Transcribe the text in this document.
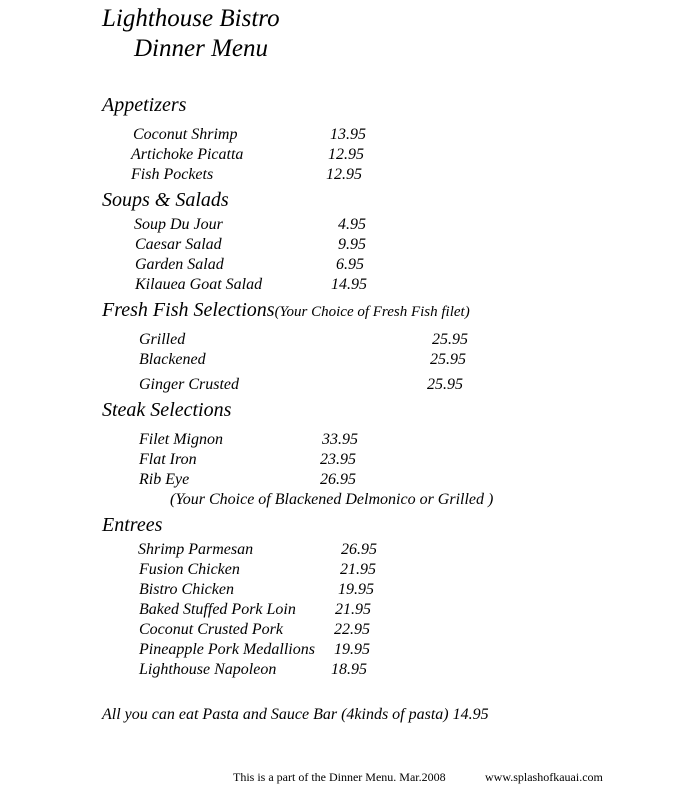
Lighthouse Bistro
Dinner Menu
Appetizers
Coconut Shrimp	13.95
Artichoke Picatta	12.95
Fish Pockets	12.95
Soups & Salads
Soup Du Jour	4.95
Caesar Salad	9.95
Garden Salad	6.95
Kilauea Goat Salad	14.95
Fresh Fish Selections(Your Choice of Fresh Fish filet)
Grilled	25.95
Blackened	25.95
Ginger Crusted	25.95
Steak Selections
Filet Mignon	33.95
Flat Iron	23.95
Rib Eye	26.95
(Your Choice of Blackened Delmonico or Grilled )
Entrees
Shrimp Parmesan	26.95
Fusion Chicken	21.95
Bistro Chicken	19.95
Baked Stuffed Pork Loin 21.95
Coconut Crusted Pork	22.95
Pineapple Pork Medallions 19.95
Lighthouse Napoleon	18.95
All you can eat Pasta and Sauce Bar (4kinds of pasta) 14.95
This is a part of the Dinner Menu. Mar.2008	www.splashofkauai.com
